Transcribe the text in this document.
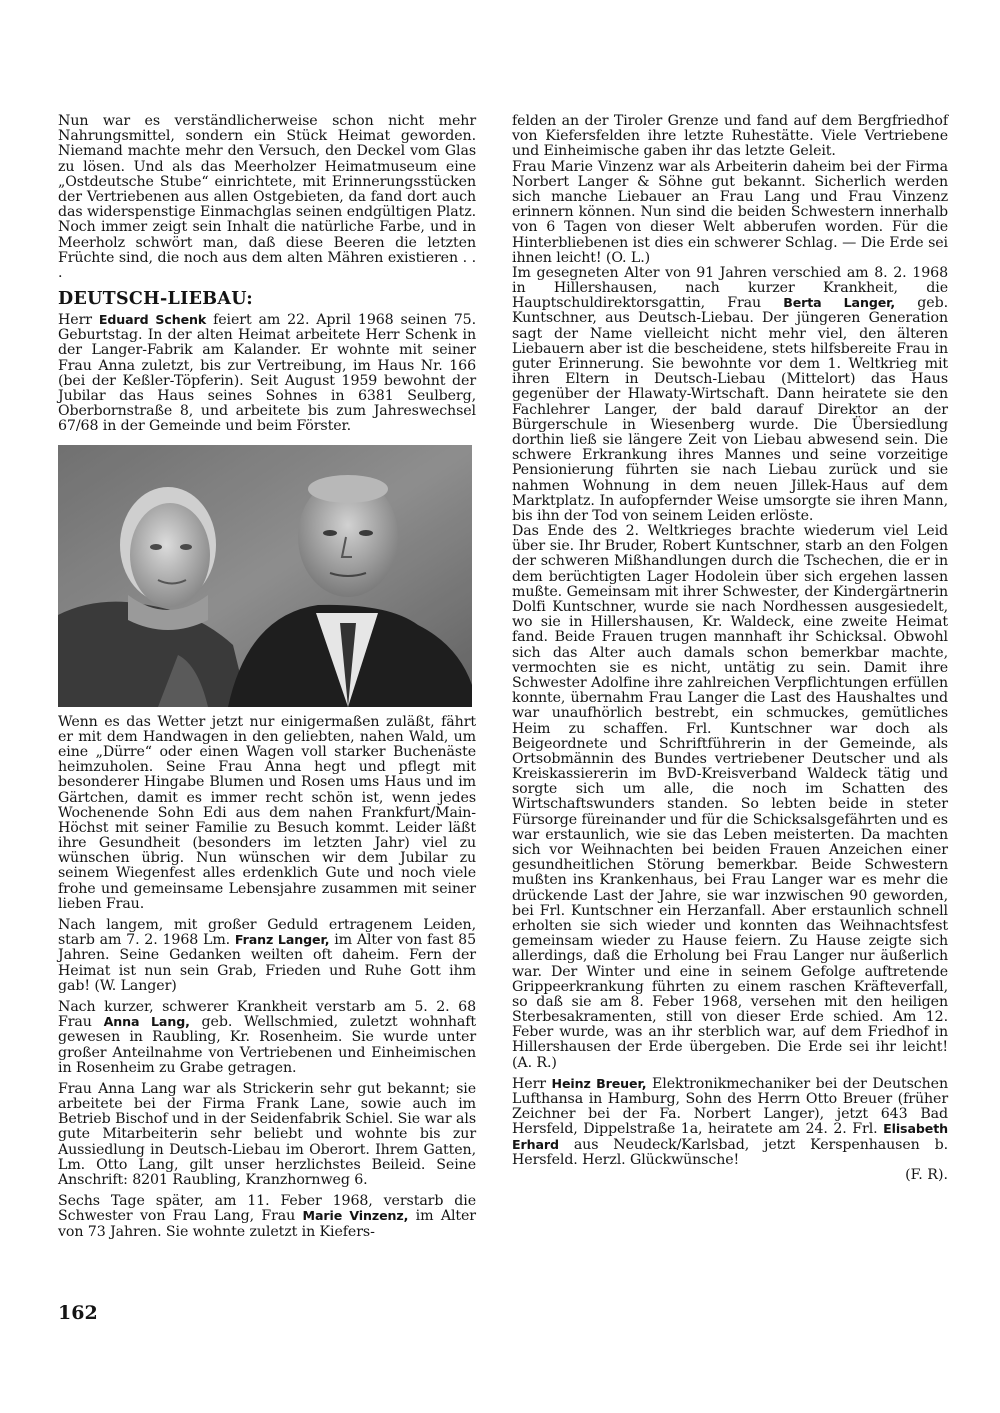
Nun war es verständlicherweise schon nicht mehr Nahrungsmittel, sondern ein Stück Heimat geworden. Niemand machte mehr den Versuch, den Deckel vom Glas zu lösen. Und als das Meerholzer Heimatmuseum eine „Ostdeutsche Stube“ einrichtete, mit Erinnerungsstücken der Vertriebenen aus allen Ostgebieten, da fand dort auch das widerspenstige Einmachglas seinen endgültigen Platz. Noch immer zeigt sein Inhalt die natürliche Farbe, und in Meerholz schwört man, daß diese Beeren die letzten Früchte sind, die noch aus dem alten Mähren existieren . . .

DEUTSCH-LIEBAU:

Herr Eduard Schenk feiert am 22. April 1968 seinen 75. Geburtstag. In der alten Heimat arbeitete Herr Schenk in der Langer-Fabrik am Kalander. Er wohnte mit seiner Frau Anna zuletzt, bis zur Vertreibung, im Haus Nr. 166 (bei der Keßler-Töpferin). Seit August 1959 bewohnt der Jubilar das Haus seines Sohnes in 6381 Seulberg, Oberbornstraße 8, und arbeitete bis zum Jahreswechsel 67/68 in der Gemeinde und beim Förster.

Wenn es das Wetter jetzt nur einigermaßen zuläßt, fährt er mit dem Handwagen in den geliebten, nahen Wald, um eine „Dürre“ oder einen Wagen voll starker Buchenäste heimzuholen. Seine Frau Anna hegt und pflegt mit besonderer Hingabe Blumen und Rosen ums Haus und im Gärtchen, damit es immer recht schön ist, wenn jedes Wochenende Sohn Edi aus dem nahen Frankfurt/Main-Höchst mit seiner Familie zu Besuch kommt. Leider läßt ihre Gesundheit (besonders im letzten Jahr) viel zu wünschen übrig. Nun wünschen wir dem Jubilar zu seinem Wiegenfest alles erdenklich Gute und noch viele frohe und gemeinsame Lebensjahre zusammen mit seiner lieben Frau.

Nach langem, mit großer Geduld ertragenem Leiden, starb am 7. 2. 1968 Lm. Franz Langer, im Alter von fast 85 Jahren. Seine Gedanken weilten oft daheim. Fern der Heimat ist nun sein Grab, Frieden und Ruhe Gott ihm gab! (W. Langer)

Nach kurzer, schwerer Krankheit verstarb am 5. 2. 68 Frau Anna Lang, geb. Wellschmied, zuletzt wohnhaft gewesen in Raubling, Kr. Rosenheim. Sie wurde unter großer Anteilnahme von Vertriebenen und Einheimischen in Rosenheim zu Grabe getragen.

Frau Anna Lang war als Strickerin sehr gut bekannt; sie arbeitete bei der Firma Frank Lane, sowie auch im Betrieb Bischof und in der Seidenfabrik Schiel. Sie war als gute Mitarbeiterin sehr beliebt und wohnte bis zur Aussiedlung in Deutsch-Liebau im Oberort. Ihrem Gatten, Lm. Otto Lang, gilt unser herzlichstes Beileid. Seine Anschrift: 8201 Raubling, Kranzhornweg 6.

Sechs Tage später, am 11. Feber 1968, verstarb die Schwester von Frau Lang, Frau Marie Vinzenz, im Alter von 73 Jahren. Sie wohnte zuletzt in Kiefers-

felden an der Tiroler Grenze und fand auf dem Bergfriedhof von Kiefersfelden ihre letzte Ruhestätte. Viele Vertriebene und Einheimische gaben ihr das letzte Geleit.

Frau Marie Vinzenz war als Arbeiterin daheim bei der Firma Norbert Langer & Söhne gut bekannt. Sicherlich werden sich manche Liebauer an Frau Lang und Frau Vinzenz erinnern können. Nun sind die beiden Schwestern innerhalb von 6 Tagen von dieser Welt abberufen worden. Für die Hinterbliebenen ist dies ein schwerer Schlag. — Die Erde sei ihnen leicht! (O. L.)

Im gesegneten Alter von 91 Jahren verschied am 8. 2. 1968 in Hillershausen, nach kurzer Krankheit, die Hauptschuldirektorsgattin, Frau Berta Langer, geb. Kuntschner, aus Deutsch-Liebau. Der jüngeren Generation sagt der Name vielleicht nicht mehr viel, den älteren Liebauern aber ist die bescheidene, stets hilfsbereite Frau in guter Erinnerung. Sie bewohnte vor dem 1. Weltkrieg mit ihren Eltern in Deutsch-Liebau (Mittelort) das Haus gegenüber der Hlawaty-Wirtschaft. Dann heiratete sie den Fachlehrer Langer, der bald darauf Direktor an der Bürgerschule in Wiesenberg wurde. Die Übersiedlung dorthin ließ sie längere Zeit von Liebau abwesend sein. Die schwere Erkrankung ihres Mannes und seine vorzeitige Pensionierung führten sie nach Liebau zurück und sie nahmen Wohnung in dem neuen Jillek-Haus auf dem Marktplatz. In aufopfernder Weise umsorgte sie ihren Mann, bis ihn der Tod von seinem Leiden erlöste.

Das Ende des 2. Weltkrieges brachte wiederum viel Leid über sie. Ihr Bruder, Robert Kuntschner, starb an den Folgen der schweren Mißhandlungen durch die Tschechen, die er in dem berüchtigten Lager Hodolein über sich ergehen lassen mußte. Gemeinsam mit ihrer Schwester, der Kindergärtnerin Dolfi Kuntschner, wurde sie nach Nordhessen ausgesiedelt, wo sie in Hillershausen, Kr. Waldeck, eine zweite Heimat fand. Beide Frauen trugen mannhaft ihr Schicksal. Obwohl sich das Alter auch damals schon bemerkbar machte, vermochten sie es nicht, untätig zu sein. Damit ihre Schwester Adolfine ihre zahlreichen Verpflichtungen erfüllen konnte, übernahm Frau Langer die Last des Haushaltes und war unaufhörlich bestrebt, ein schmuckes, gemütliches Heim zu schaffen. Frl. Kuntschner war doch als Beigeordnete und Schriftführerin in der Gemeinde, als Ortsobmännin des Bundes vertriebener Deutscher und als Kreiskassiererin im BvD-Kreisverband Waldeck tätig und sorgte sich um alle, die noch im Schatten des Wirtschaftswunders standen. So lebten beide in steter Fürsorge füreinander und für die Schicksalsgefährten und es war erstaunlich, wie sie das Leben meisterten. Da machten sich vor Weihnachten bei beiden Frauen Anzeichen einer gesundheitlichen Störung bemerkbar. Beide Schwestern mußten ins Krankenhaus, bei Frau Langer war es mehr die drückende Last der Jahre, sie war inzwischen 90 geworden, bei Frl. Kuntschner ein Herzanfall. Aber erstaunlich schnell erholten sie sich wieder und konnten das Weihnachtsfest gemeinsam wieder zu Hause feiern. Zu Hause zeigte sich allerdings, daß die Erholung bei Frau Langer nur äußerlich war. Der Winter und eine in seinem Gefolge auftretende Grippeerkrankung führten zu einem raschen Kräfteverfall, so daß sie am 8. Feber 1968, versehen mit den heiligen Sterbesakramenten, still von dieser Erde schied. Am 12. Feber wurde, was an ihr sterblich war, auf dem Friedhof in Hillershausen der Erde übergeben. Die Erde sei ihr leicht! (A. R.)

Herr Heinz Breuer, Elektronikmechaniker bei der Deutschen Lufthansa in Hamburg, Sohn des Herrn Otto Breuer (früher Zeichner bei der Fa. Norbert Langer), jetzt 643 Bad Hersfeld, Dippelstraße 1a, heiratete am 24. 2. Frl. Elisabeth Erhard aus Neudeck/Karlsbad, jetzt Kerspenhausen b. Hersfeld. Herzl. Glückwünsche!

(F. R).

162
